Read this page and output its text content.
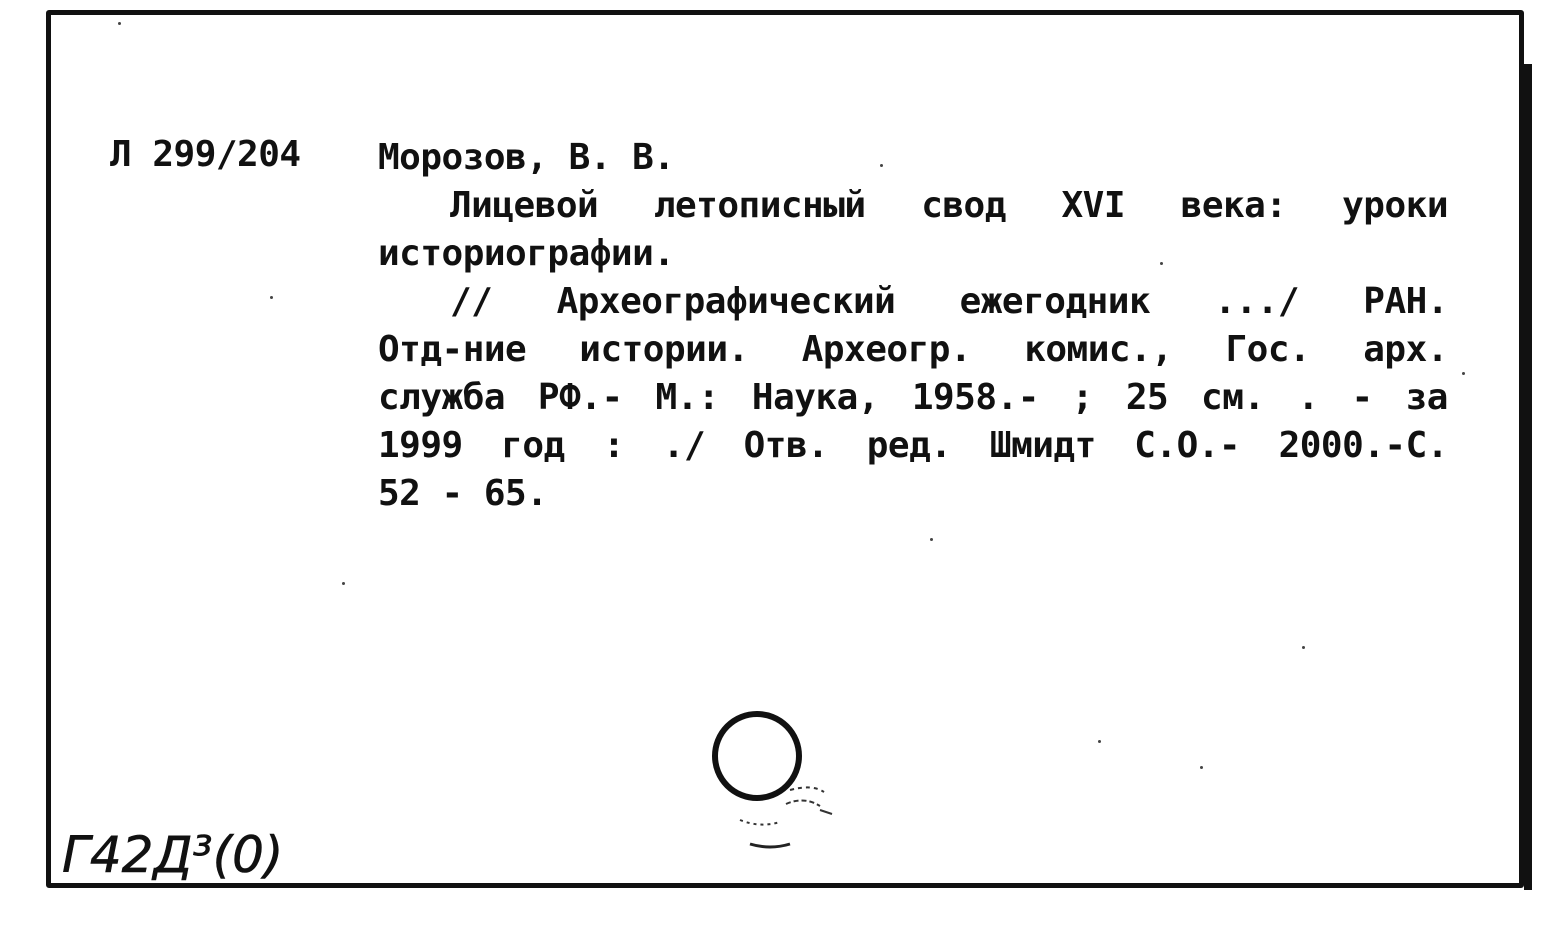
Л 299/204 Морозов, В. В.
Лицевой летописный свод XVI века: уроки
историографии.
// Археографический ежегодник .../ РАН.
Отд-ние истории. Археогр. комис., Гос. арх.
служба РФ.- М.: Наука, 1958.- ; 25 см. . - за
1999 год : ./ Отв. ред. Шмидт С.О.- 2000.-С.
52 - 65.
Г42Д³(0)
